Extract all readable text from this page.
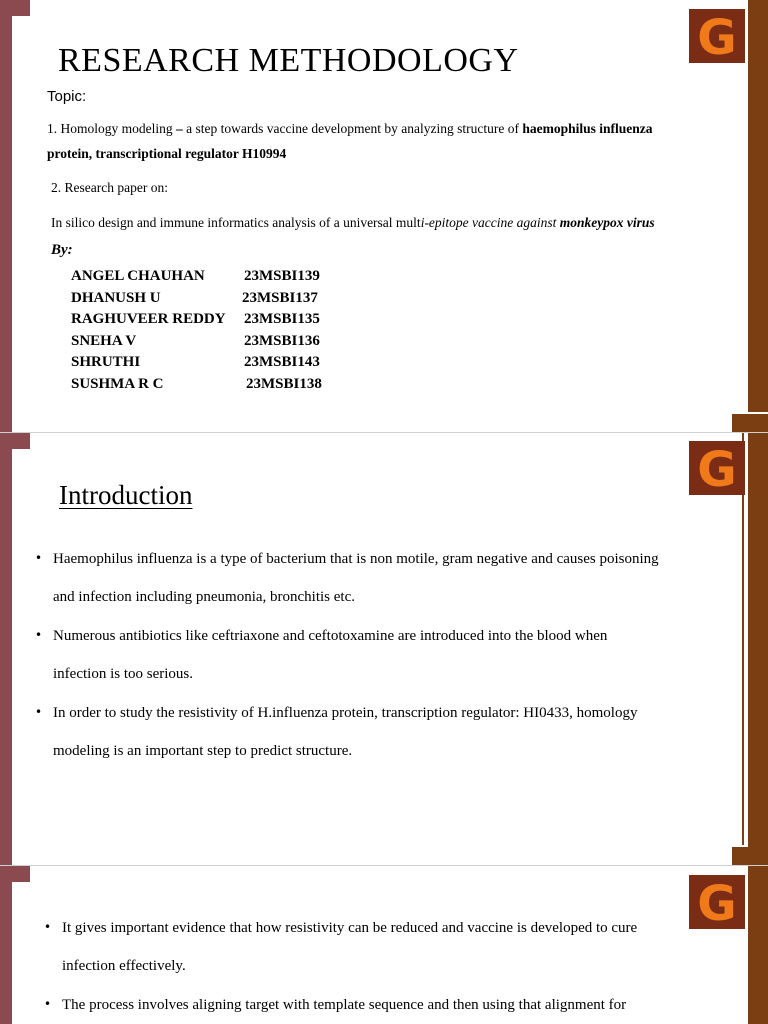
G
RESEARCH METHODOLOGY
Topic:
1. Homology modeling – a step towards vaccine development by analyzing structure of haemophilus influenza
protein, transcriptional regulator H10994
2. Research paper on:
In silico design and immune informatics analysis of a universal multi-epitope vaccine against monkeypox virus
By:
ANGEL CHAUHAN	23MSBI139
DHANUSH U	23MSBI137
RAGHUVEER REDDY 23MSBI135
SNEHA V	23MSBI136
SHRUTHI	23MSBI143
SUSHMA R C	23MSBI138
G
Introduction
• Haemophilus influenza is a type of bacterium that is non motile, gram negative and causes poisoning
and infection including pneumonia, bronchitis etc.
• Numerous antibiotics like ceftriaxone and ceftotoxamine are introduced into the blood when
infection is too serious.
• In order to study the resistivity of H.influenza protein, transcription regulator: HI0433, homology
modeling is an important step to predict structure.
G
• It gives important evidence that how resistivity can be reduced and vaccine is developed to cure
infection effectively.
• The process involves aligning target with template sequence and then using that alignment for
